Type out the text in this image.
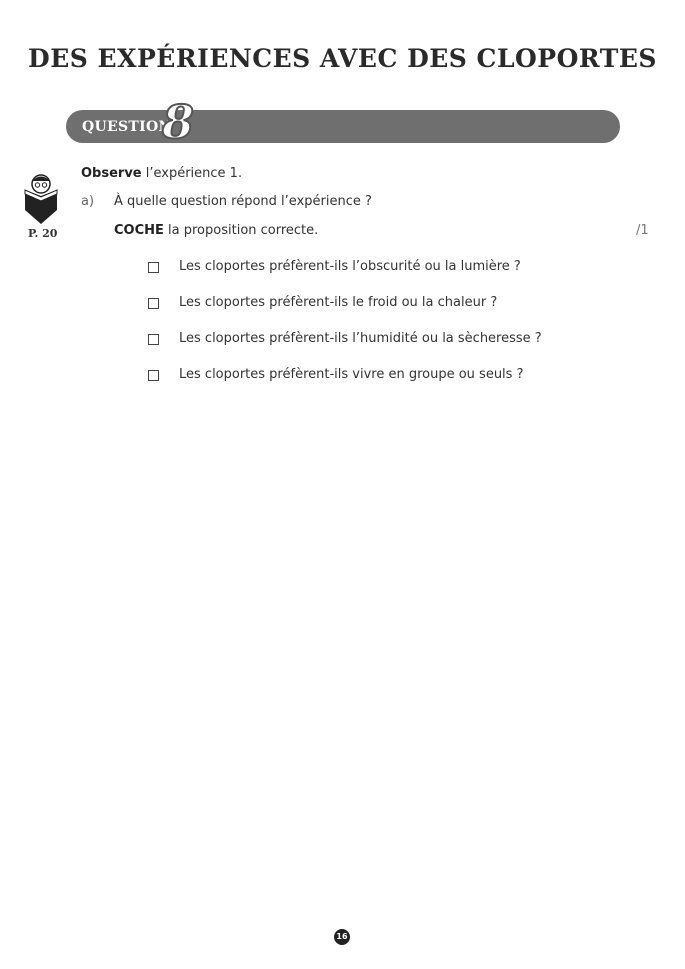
DES EXPÉRIENCES AVEC DES CLOPORTES
QUESTION
8
P. 20
Observe l’expérience 1.
a) À quelle question répond l’expérience ?
COCHE la proposition correcte.	/1
Les cloportes préfèrent-ils l’obscurité ou la lumière ?
Les cloportes préfèrent-ils le froid ou la chaleur ?
Les cloportes préfèrent-ils l’humidité ou la sècheresse ?
Les cloportes préfèrent-ils vivre en groupe ou seuls ?
16
